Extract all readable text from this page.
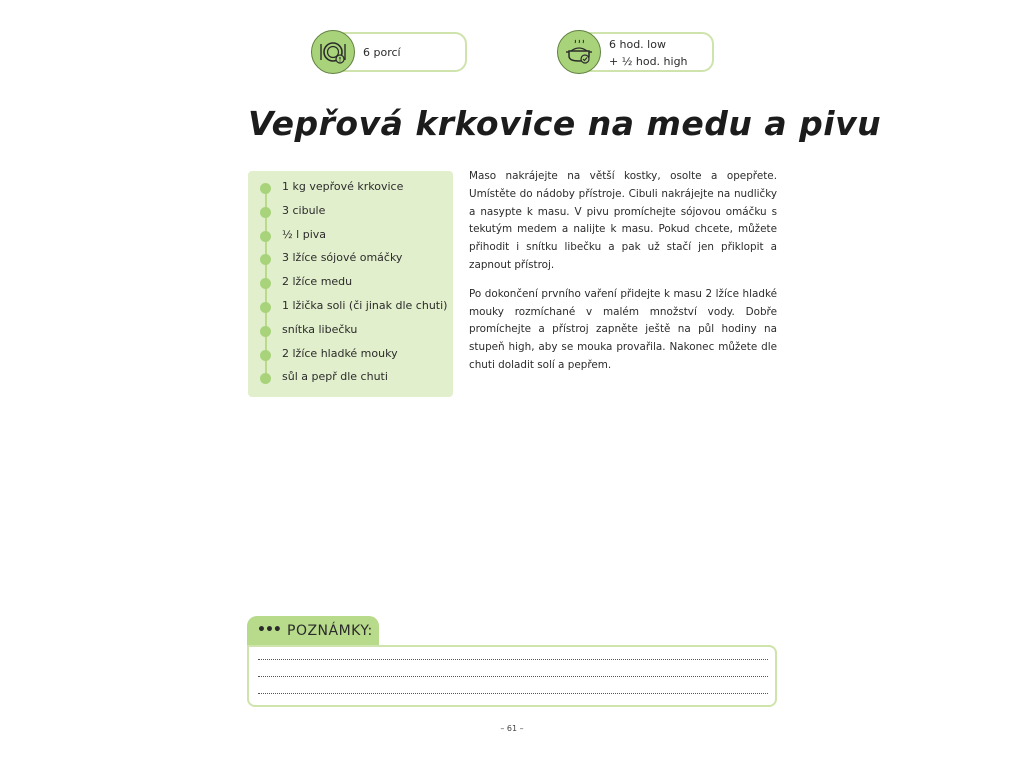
6 porcí
6 hod. low
+ ½ hod. high
Vepřová krkovice na medu a pivu
1 kg vepřové krkovice
3 cibule
½ l piva
3 lžíce sójové omáčky
2 lžíce medu
1 lžička soli (či jinak dle chuti)
snítka libečku
2 lžíce hladké mouky
sůl a pepř dle chuti

Maso nakrájejte na větší kostky, osolte a opepřete. Umístěte do nádoby přístroje. Cibuli nakrájejte na nudličky a nasypte k masu. V pivu promíchejte sójovou omáčku s tekutým medem a nalijte k masu. Pokud chcete, můžete přihodit i snítku libečku a pak už stačí jen přiklopit a zapnout přístroj.

Po dokončení prvního vaření přidejte k masu 2 lžíce hladké mouky rozmíchané v malém množství vody. Dobře promíchejte a přístroj zapněte ještě na půl hodiny na stupeň high, aby se mouka provařila. Nakonec můžete dle chuti doladit solí a pepřem.

••• POZNÁMKY:
– 61 –
